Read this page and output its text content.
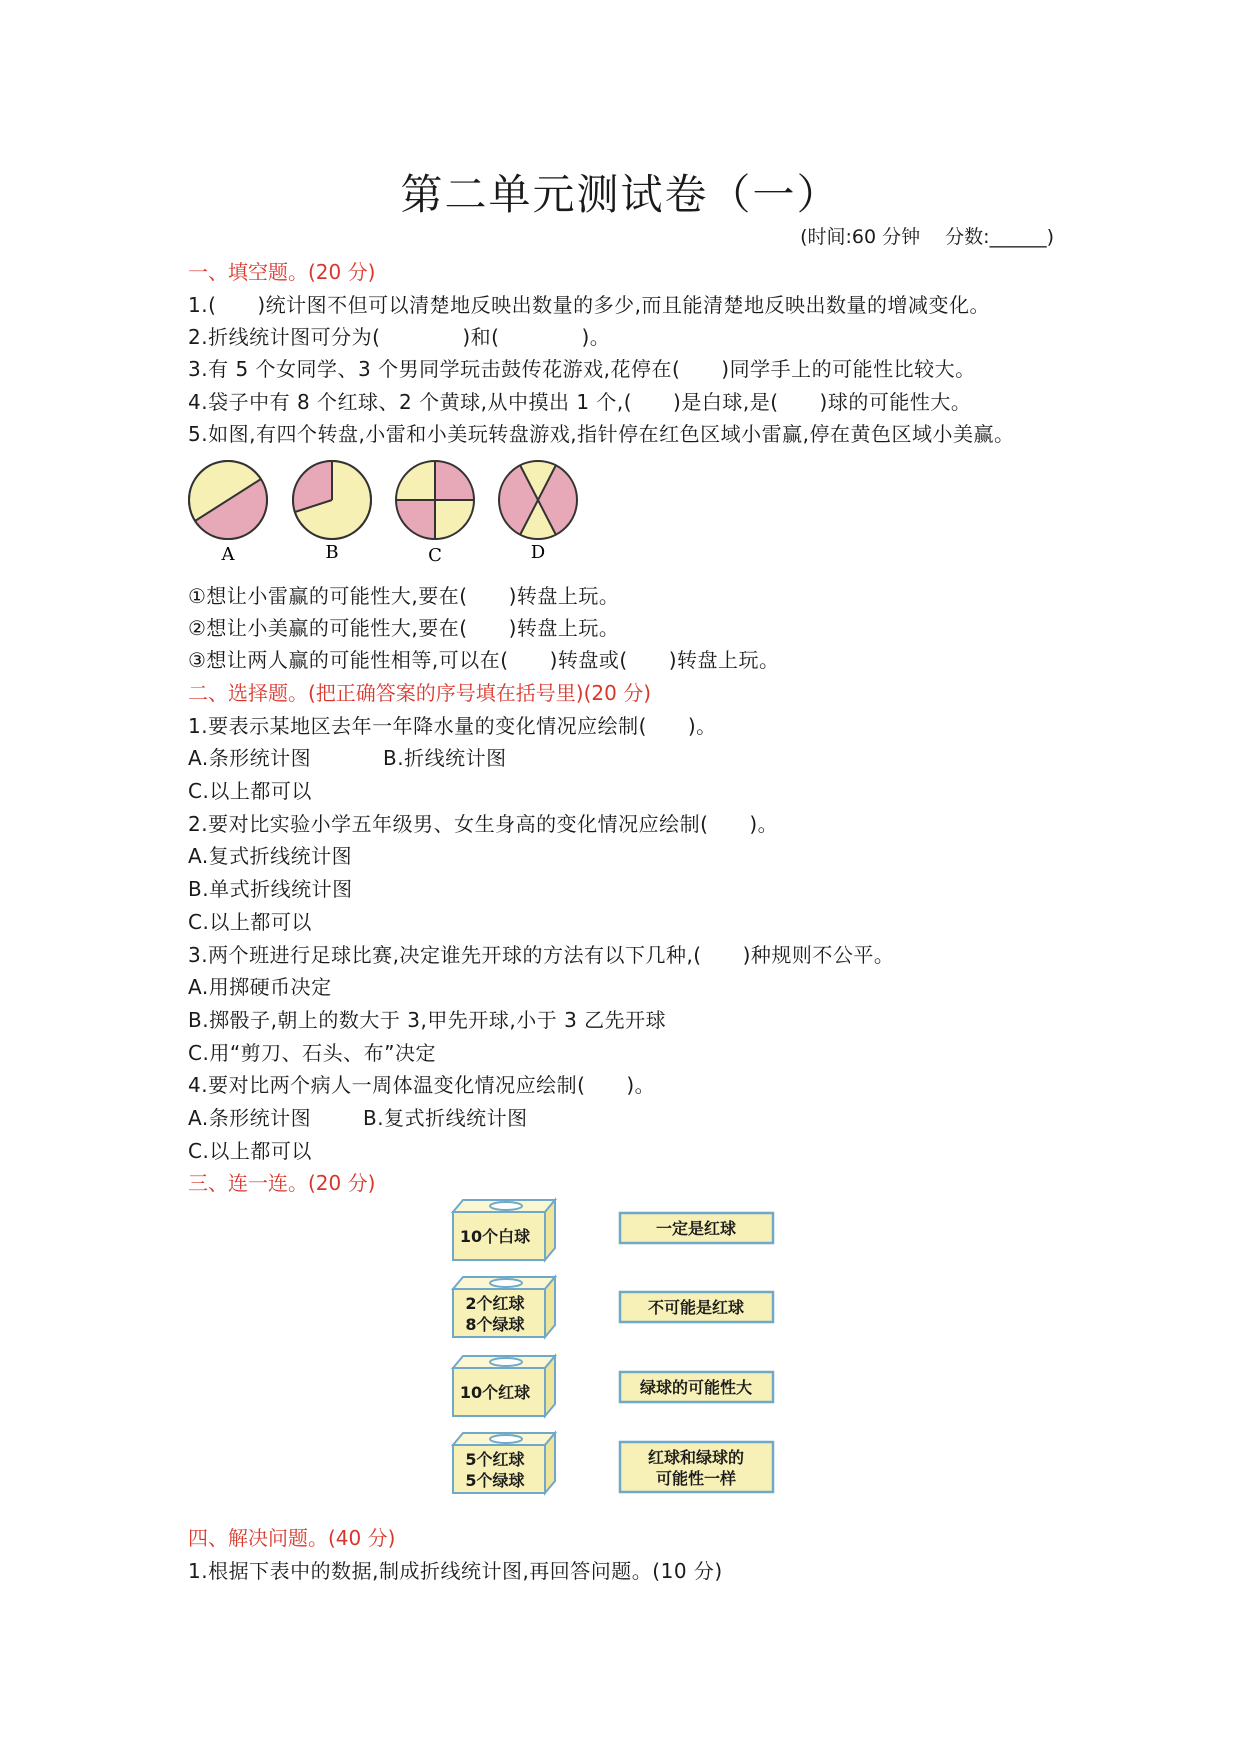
第二单元测试卷（一）
(时间:60 分钟　 分数:______)
一、填空题。(20 分)
1.(　　)统计图不但可以清楚地反映出数量的多少,而且能清楚地反映出数量的增减变化。
2.折线统计图可分为(　　　　)和(　　　　)。
3.有 5 个女同学、3 个男同学玩击鼓传花游戏,花停在(　　)同学手上的可能性比较大。
4.袋子中有 8 个红球、2 个黄球,从中摸出 1 个,(　　)是白球,是(　　)球的可能性大。
5.如图,有四个转盘,小雷和小美玩转盘游戏,指针停在红色区域小雷赢,停在黄色区域小美赢。
A	B	C	D
①想让小雷赢的可能性大,要在(　　)转盘上玩。
②想让小美赢的可能性大,要在(　　)转盘上玩。
③想让两人赢的可能性相等,可以在(　　)转盘或(　　)转盘上玩。
二、选择题。(把正确答案的序号填在括号里)(20 分)
1.要表示某地区去年一年降水量的变化情况应绘制(　　)。
A.条形统计图	B.折线统计图
C.以上都可以
2.要对比实验小学五年级男、女生身高的变化情况应绘制(　　)。
A.复式折线统计图
B.单式折线统计图
C.以上都可以
3.两个班进行足球比赛,决定谁先开球的方法有以下几种,(　　)种规则不公平。
A.用掷硬币决定
B.掷骰子,朝上的数大于 3,甲先开球,小于 3 乙先开球
C.用“剪刀、石头、布”决定
4.要对比两个病人一周体温变化情况应绘制(　　)。
A.条形统计图	B.复式折线统计图
C.以上都可以
三、连一连。(20 分)
10个白球
2个红球
8个绿球
10个红球
5个红球
5个绿球
一定是红球
不可能是红球
绿球的可能性大
红球和绿球的
可能性一样
四、解决问题。(40 分)
1.根据下表中的数据,制成折线统计图,再回答问题。(10 分)
